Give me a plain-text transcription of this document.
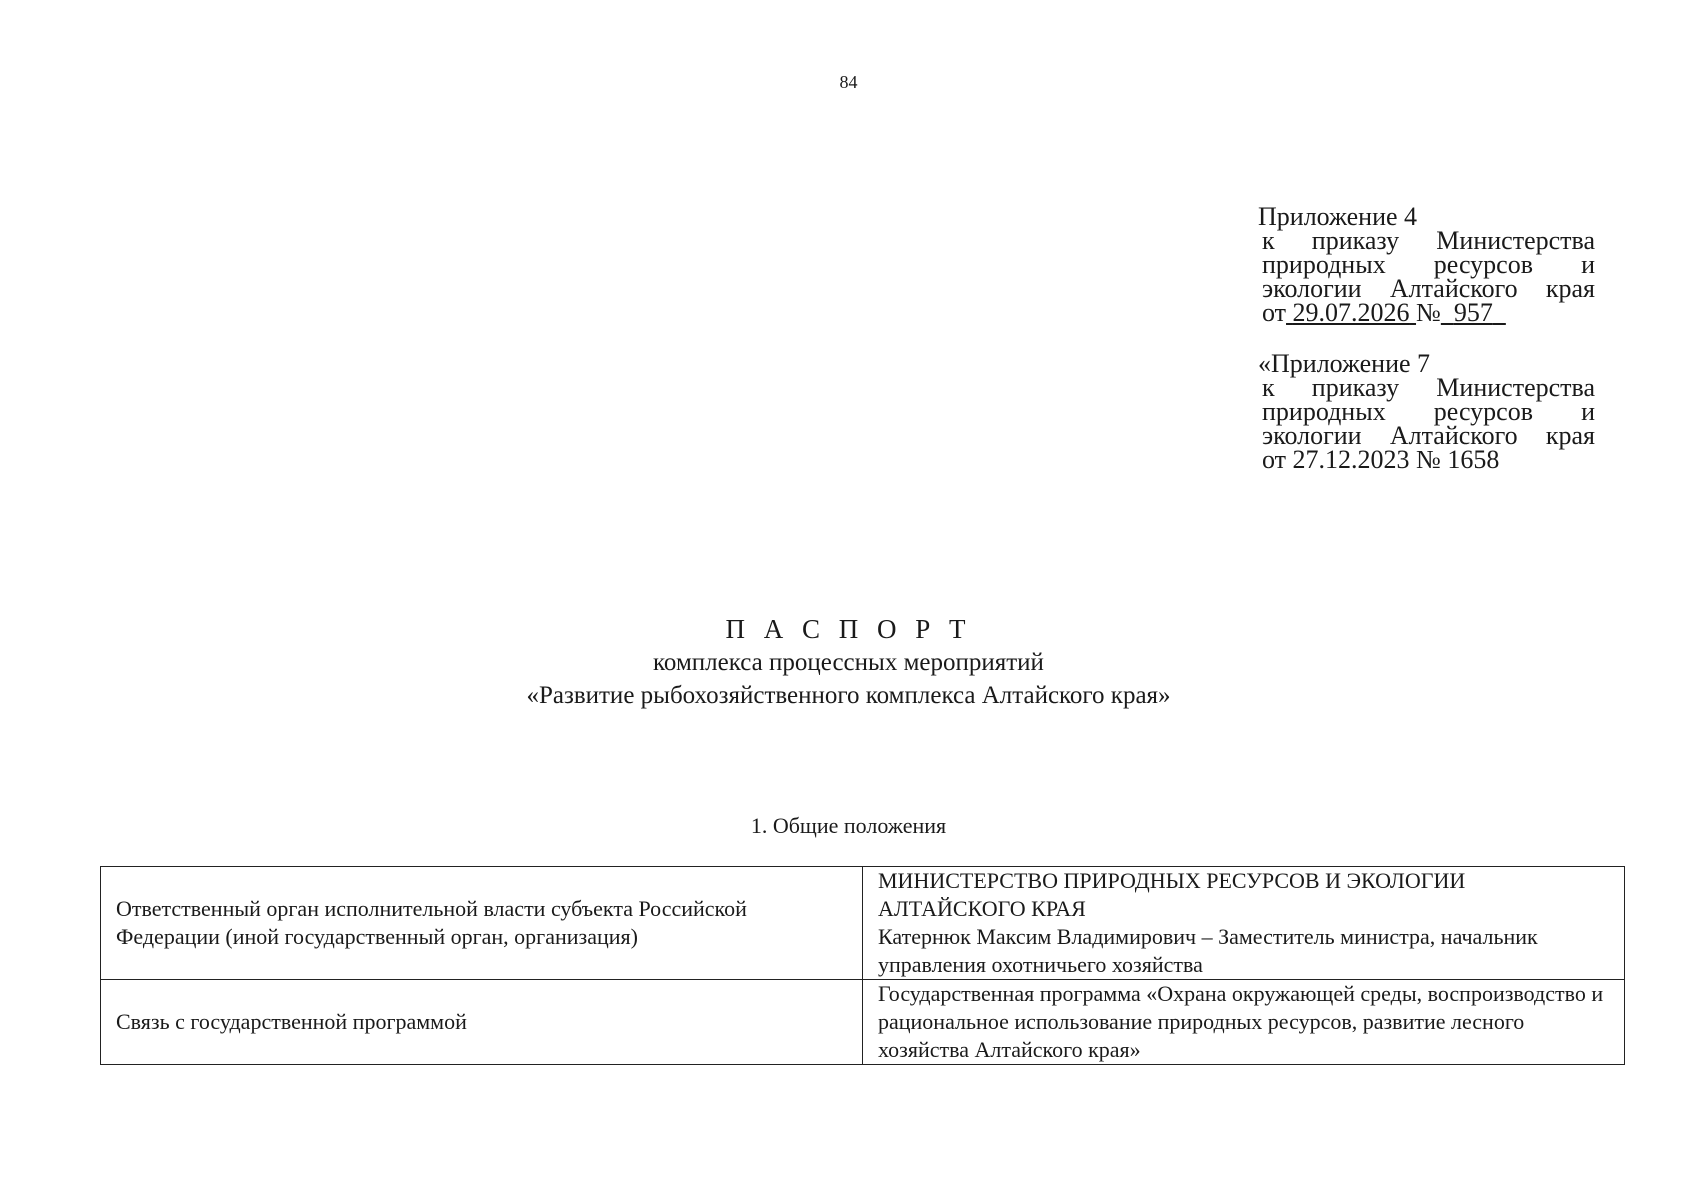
84
Приложение 4
к приказу Министерства
природных ресурсов и
экологии Алтайского края
от 29.07.2026 № 957
«Приложение 7
к приказу Министерства
природных ресурсов и
экологии Алтайского края
от 27.12.2023 № 1658
П А С П О Р Т
комплекса процессных мероприятий
«Развитие рыбохозяйственного комплекса Алтайского края»
1. Общие положения
Ответственный орган исполнительной власти субъекта Российской Федерации (иной государственный орган, организация)	МИНИСТЕРСТВО ПРИРОДНЫХ РЕСУРСОВ И ЭКОЛОГИИ АЛТАЙСКОГО КРАЯ
Катернюк Максим Владимирович – Заместитель министра, начальник управления охотничьего хозяйства

Связь с государственной программой	Государственная программа «Охрана окружающей среды, воспроизводство и рациональное использование природных ресурсов, развитие лесного хозяйства Алтайского края»
